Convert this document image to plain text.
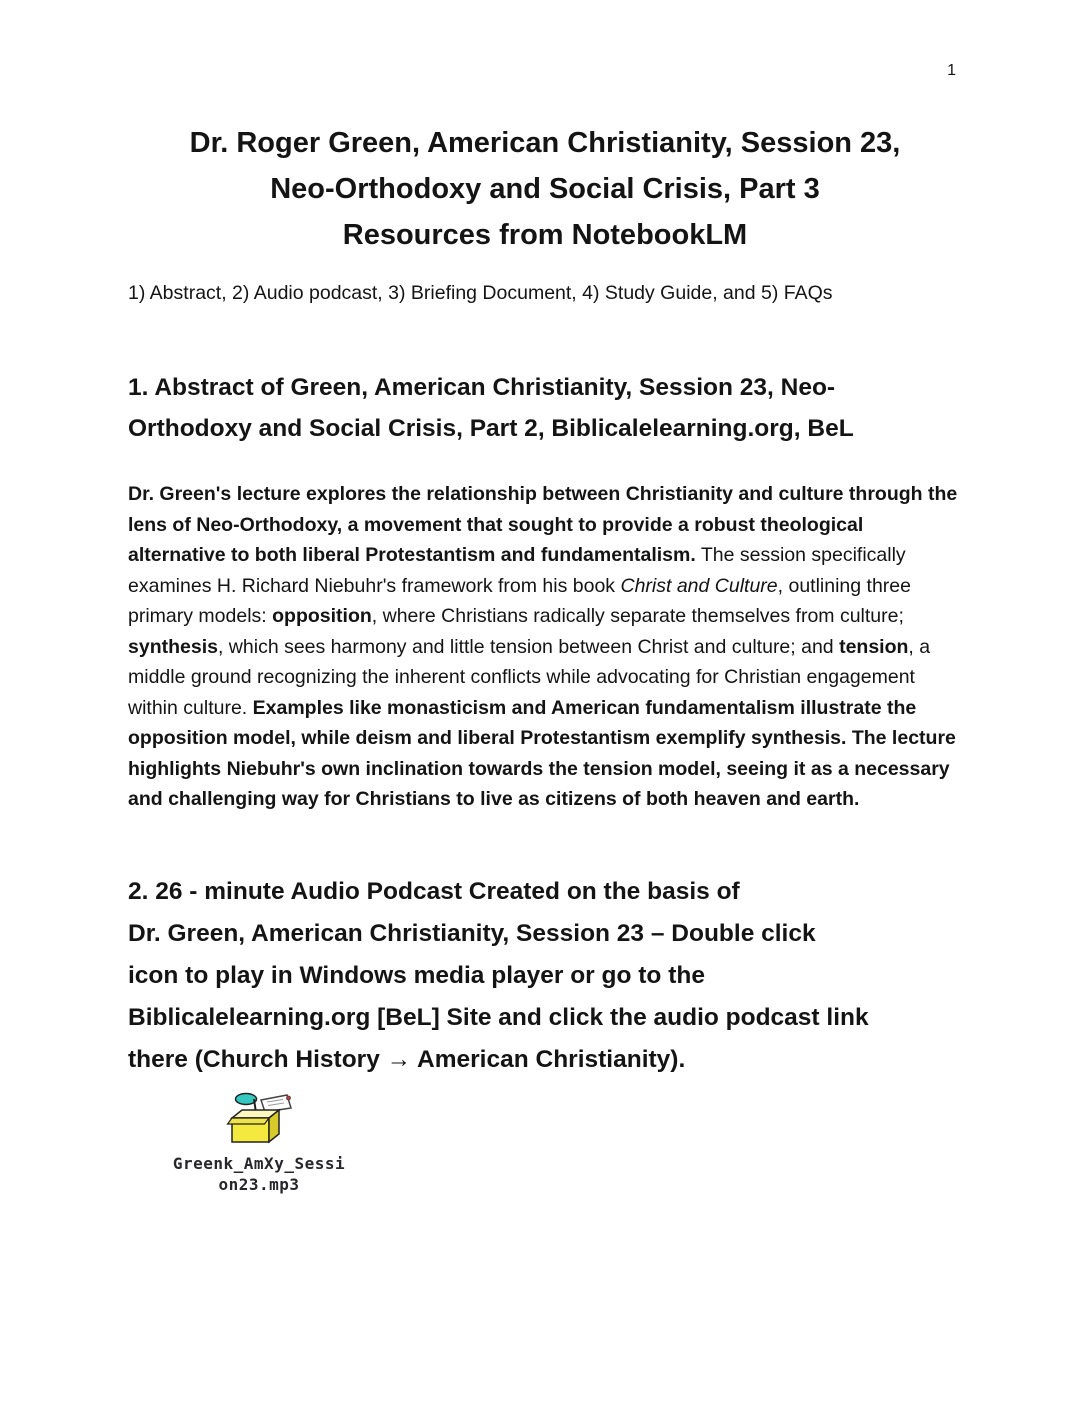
1
Dr. Roger Green, American Christianity, Session 23,
Neo-Orthodoxy and Social Crisis, Part 3
Resources from NotebookLM

1) Abstract, 2) Audio podcast, 3) Briefing Document, 4) Study Guide, and 5) FAQs

1. Abstract of Green, American Christianity, Session 23, Neo-
Orthodoxy and Social Crisis, Part 2, Biblicalelearning.org, BeL

Dr. Green's lecture explores the relationship between Christianity and culture through the lens of Neo-Orthodoxy, a movement that sought to provide a robust theological alternative to both liberal Protestantism and fundamentalism. The session specifically examines H. Richard Niebuhr's framework from his book Christ and Culture, outlining three primary models: opposition, where Christians radically separate themselves from culture; synthesis, which sees harmony and little tension between Christ and culture; and tension, a middle ground recognizing the inherent conflicts while advocating for Christian engagement within culture. Examples like monasticism and American fundamentalism illustrate the opposition model, while deism and liberal Protestantism exemplify synthesis. The lecture highlights Niebuhr's own inclination towards the tension model, seeing it as a necessary and challenging way for Christians to live as citizens of both heaven and earth.

2. 26 - minute Audio Podcast Created on the basis of
Dr. Green, American Christianity, Session 23 – Double click
icon to play in Windows media player or go to the
Biblicalelearning.org [BeL] Site and click the audio podcast link
there (Church History → American Christianity).
Greenk_AmXy_Sessi
on23.mp3
